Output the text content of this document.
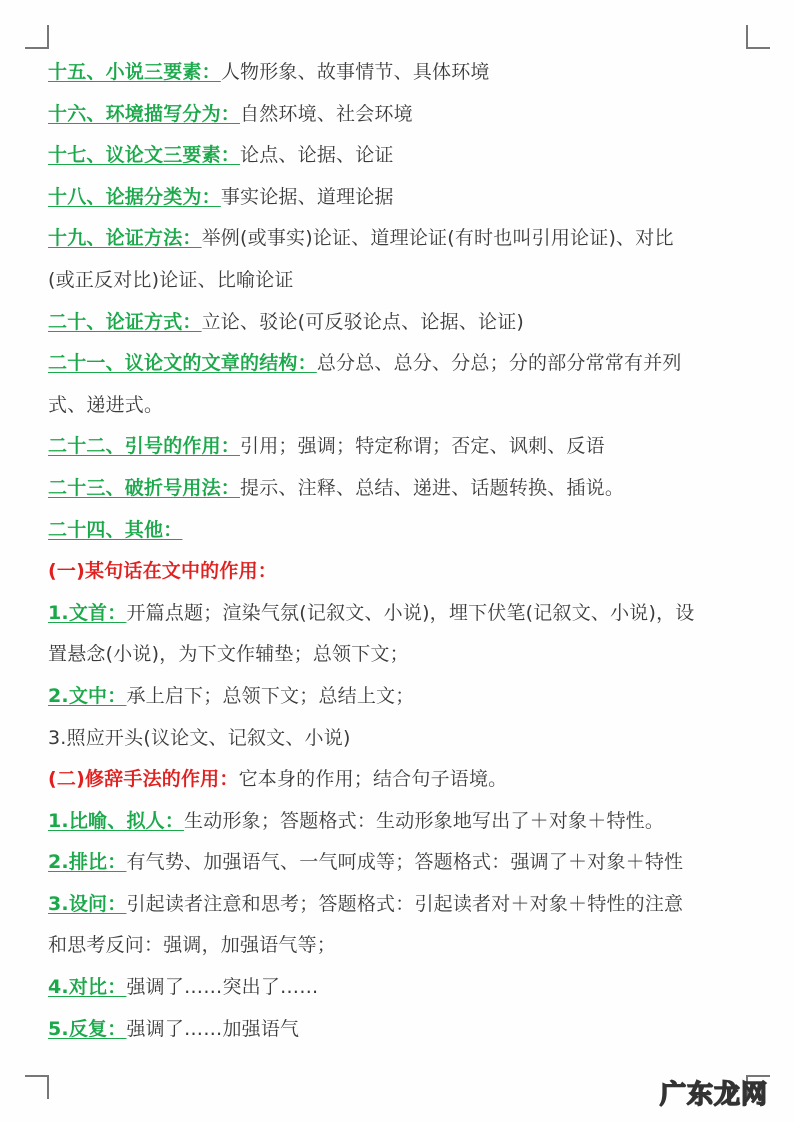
十五、小说三要素：人物形象、故事情节、具体环境
十六、环境描写分为：自然环境、社会环境
十七、议论文三要素：论点、论据、论证
十八、论据分类为：事实论据、道理论据
十九、论证方法：举例(或事实)论证、道理论证(有时也叫引用论证)、对比
(或正反对比)论证、比喻论证
二十、论证方式：立论、驳论(可反驳论点、论据、论证)
二十一、议论文的文章的结构：总分总、总分、分总；分的部分常常有并列
式、递进式。
二十二、引号的作用：引用；强调；特定称谓；否定、讽刺、反语
二十三、破折号用法：提示、注释、总结、递进、话题转换、插说。
二十四、其他：
(一)某句话在文中的作用：
1.文首：开篇点题；渲染气氛(记叙文、小说)，埋下伏笔(记叙文、小说)，设
置悬念(小说)，为下文作辅垫；总领下文；
2.文中：承上启下；总领下文；总结上文；
3.照应开头(议论文、记叙文、小说)
(二)修辞手法的作用：它本身的作用；结合句子语境。
1.比喻、拟人：生动形象；答题格式：生动形象地写出了＋对象＋特性。
2.排比：有气势、加强语气、一气呵成等；答题格式：强调了＋对象＋特性
3.设问：引起读者注意和思考；答题格式：引起读者对＋对象＋特性的注意
和思考反问：强调，加强语气等；
4.对比：强调了……突出了……
5.反复：强调了……加强语气
广东龙网
